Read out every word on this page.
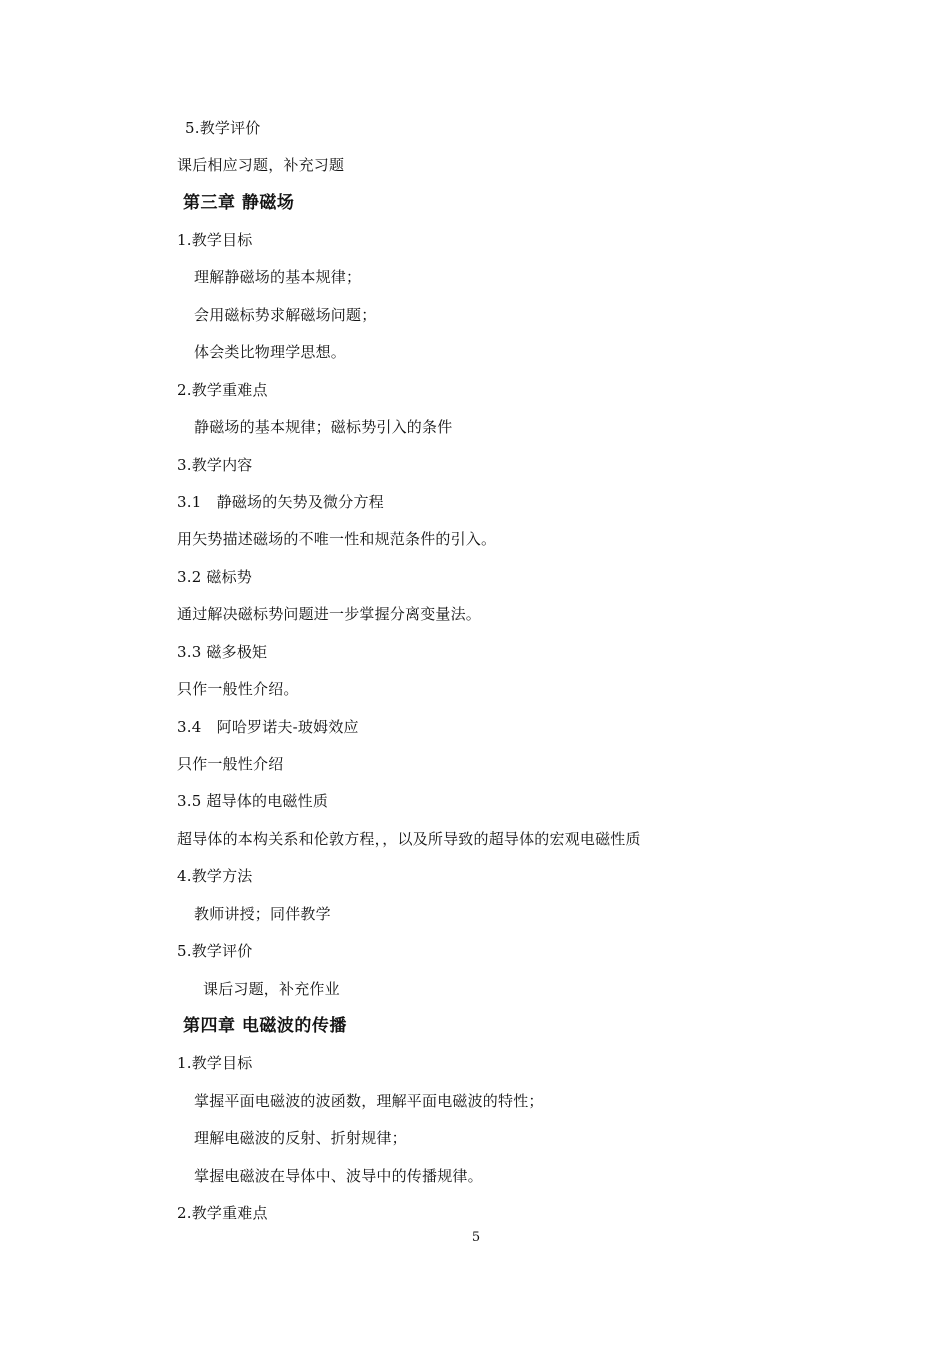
5.教学评价
课后相应习题，补充习题
第三章 静磁场
1.教学目标
理解静磁场的基本规律；
会用磁标势求解磁场问题；
体会类比物理学思想。
2.教学重难点
静磁场的基本规律；磁标势引入的条件
3.教学内容
3.1　静磁场的矢势及微分方程
用矢势描述磁场的不唯一性和规范条件的引入。
3.2 磁标势
通过解决磁标势问题进一步掌握分离变量法。
3.3 磁多极矩
只作一般性介绍。
3.4　阿哈罗诺夫-玻姆效应
只作一般性介绍
3.5 超导体的电磁性质
超导体的本构关系和伦敦方程，，以及所导致的超导体的宏观电磁性质
4.教学方法
教师讲授；同伴教学
5.教学评价
课后习题，补充作业
第四章 电磁波的传播
1.教学目标
掌握平面电磁波的波函数，理解平面电磁波的特性；
理解电磁波的反射、折射规律；
掌握电磁波在导体中、波导中的传播规律。
2.教学重难点
5
